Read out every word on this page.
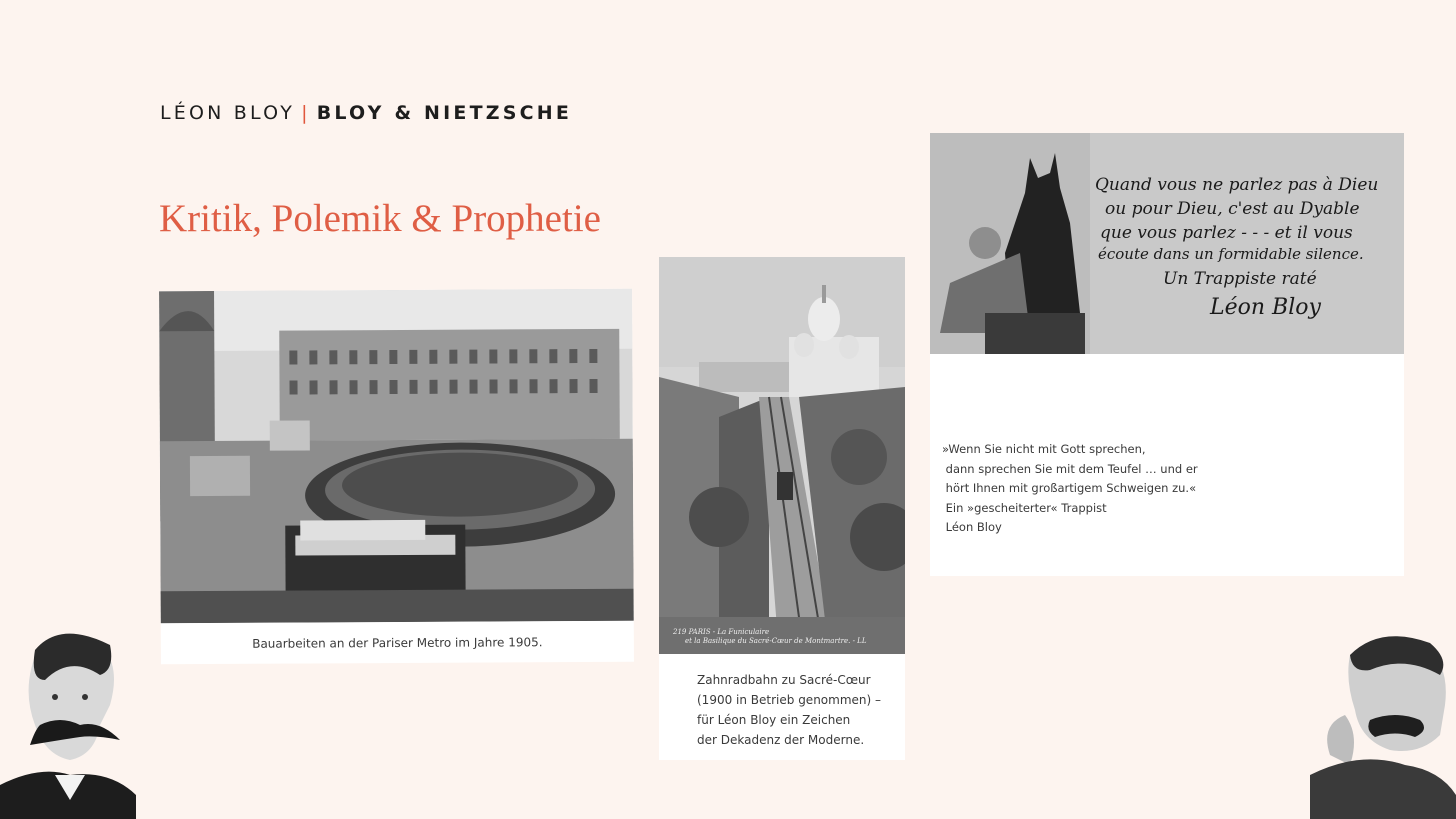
LÉON BLOY | BLOY & NIETZSCHE
Kritik, Polemik & Prophetie
Bauarbeiten an der Pariser Metro im Jahre 1905.
219 PARIS - La Funiculaire
et la Basilique du Sacré-Cœur de Montmartre. - LL
Zahnradbahn zu Sacré-Cœur
(1900 in Betrieb genommen) –
für Léon Bloy ein Zeichen
der Dekadenz der Moderne.
Quand vous ne parlez pas à Dieu
ou pour Dieu, c'est au Dyable
que vous parlez - - - et il vous
écoute dans un formidable silence.
Un Trappiste raté
Léon Bloy
»Wenn Sie nicht mit Gott sprechen,
dann sprechen Sie mit dem Teufel … und er
hört Ihnen mit großartigem Schweigen zu.«
Ein »gescheiterter« Trappist
Léon Bloy
